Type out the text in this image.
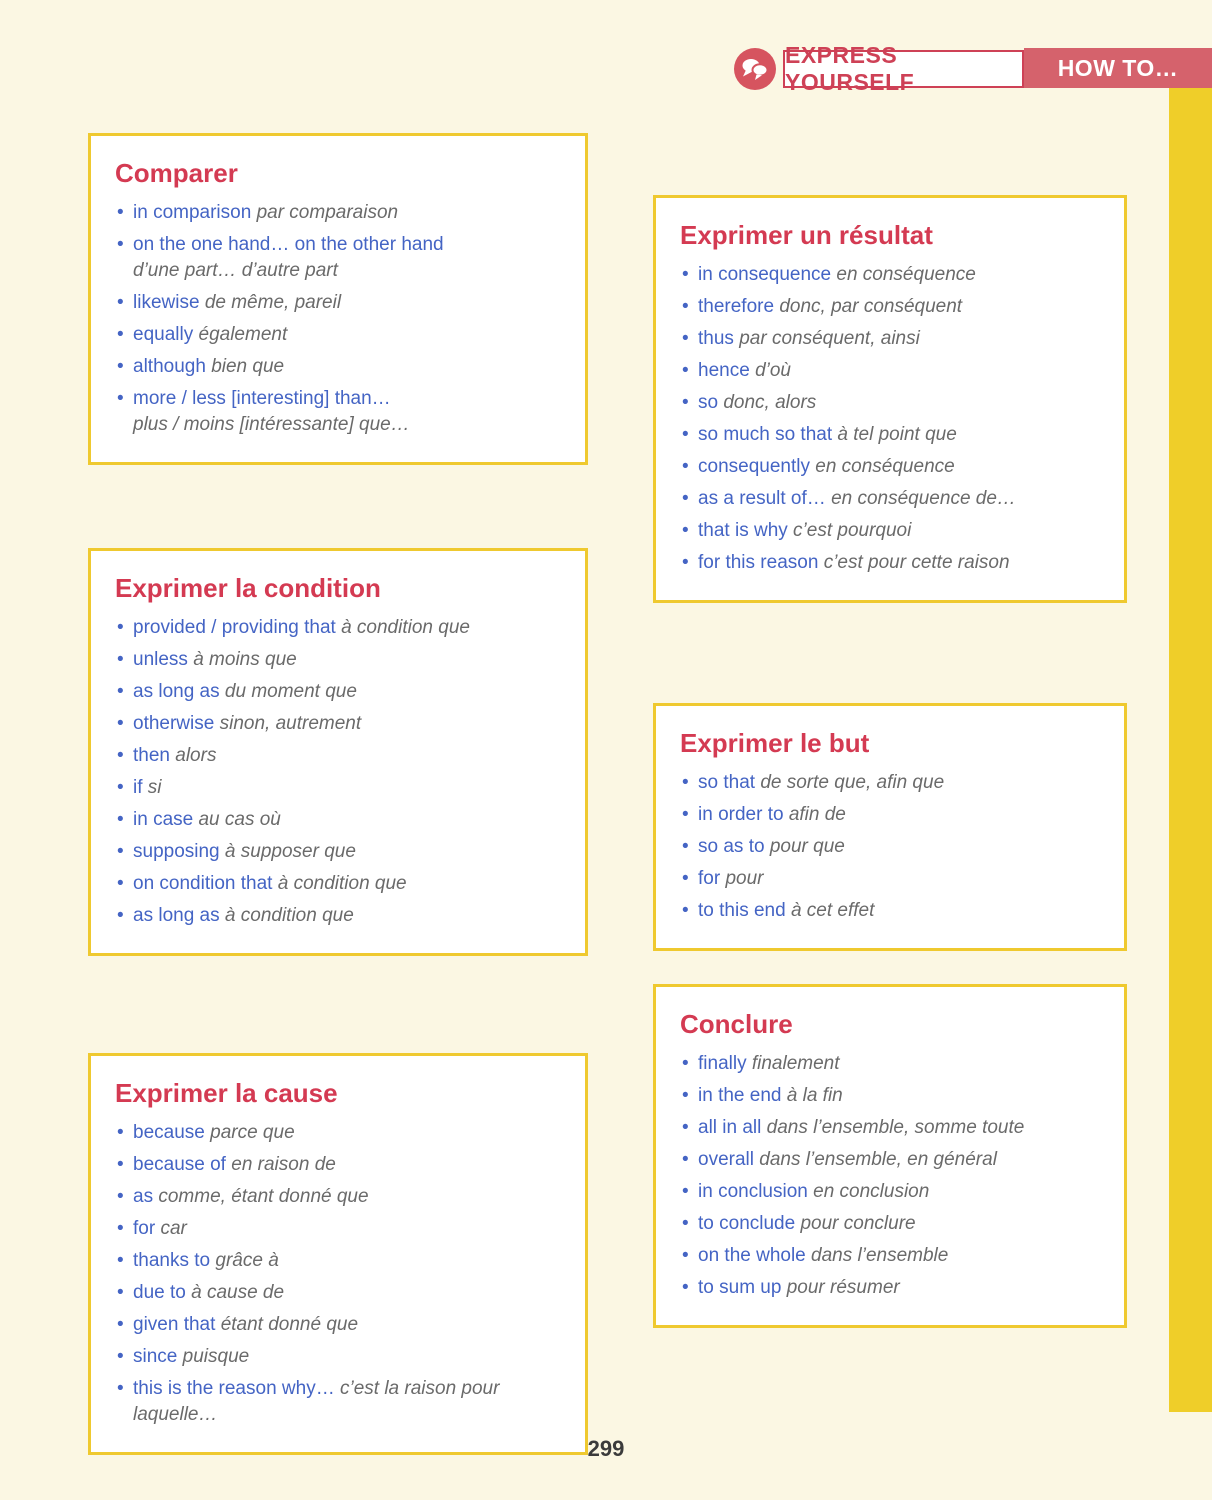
EXPRESS YOURSELF
HOW TO…
Comparer
• in comparison par comparaison
• on the one hand… on the other hand
d’une part… d’autre part
• likewise de même, pareil
• equally également
• although bien que
• more / less [interesting] than…
plus / moins [intéressante] que…
Exprimer la condition
• provided / providing that à condition que
• unless à moins que
• as long as du moment que
• otherwise sinon, autrement
• then alors
• if si
• in case au cas où
• supposing à supposer que
• on condition that à condition que
• as long as à condition que
Exprimer la cause
• because parce que
• because of en raison de
• as comme, étant donné que
• for car
• thanks to grâce à
• due to à cause de
• given that étant donné que
• since puisque
• this is the reason why… c’est la raison pour laquelle…
Exprimer un résultat
• in consequence en conséquence
• therefore donc, par conséquent
• thus par conséquent, ainsi
• hence d’où
• so donc, alors
• so much so that à tel point que
• consequently en conséquence
• as a result of… en conséquence de…
• that is why c’est pourquoi
• for this reason c’est pour cette raison
Exprimer le but
• so that de sorte que, afin que
• in order to afin de
• so as to pour que
• for pour
• to this end à cet effet
Conclure
• finally finalement
• in the end à la fin
• all in all dans l’ensemble, somme toute
• overall dans l’ensemble, en général
• in conclusion en conclusion
• to conclude pour conclure
• on the whole dans l’ensemble
• to sum up pour résumer
299
